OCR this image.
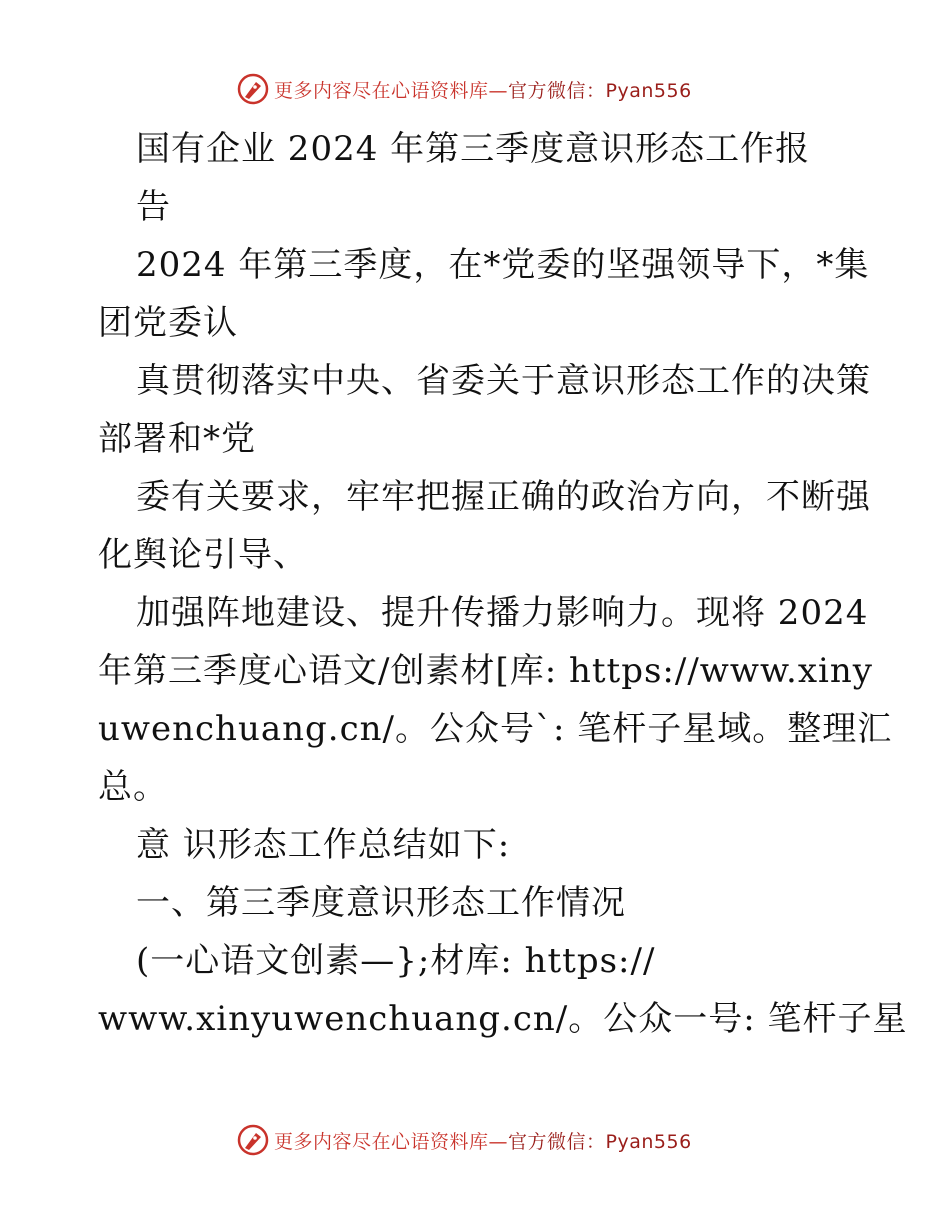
更多内容尽在心语资料库—官方微信：Pyan556
国有企业 2024 年第三季度意识形态工作报
告
2024 年第三季度，在*党委的坚强领导下，*集
团党委认
真贯彻落实中央、省委关于意识形态工作的决策
部署和*党
委有关要求，牢牢把握正确的政治方向，不断强
化舆论引导、
加强阵地建设、提升传播力影响力。现将 2024
年第三季度心语文/创素材[库: https://www.xiny
uwenchuang.cn/。公众号`: 笔杆子星域。整理汇
总。
意 识形态工作总结如下:
一、第三季度意识形态工作情况
(一心语文创素—};材库: https://
www.xinyuwenchuang.cn/。公众一号: 笔杆子星
更多内容尽在心语资料库—官方微信：Pyan556
